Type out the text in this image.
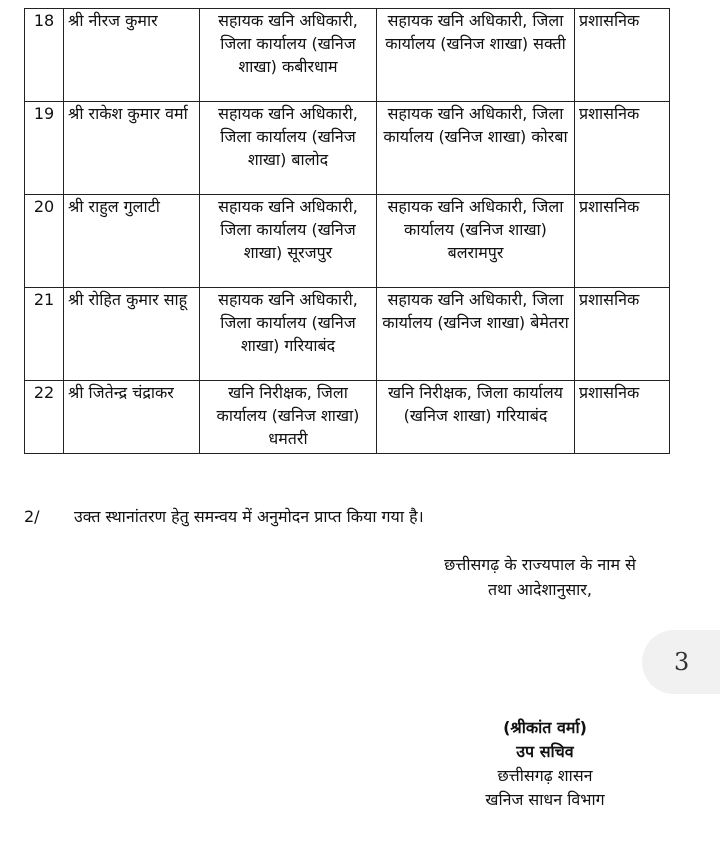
18	श्री नीरज कुमार	सहायक खनि अधिकारी, जिला कार्यालय (खनिज शाखा) कबीरधाम	सहायक खनि अधिकारी, जिला कार्यालय (खनिज शाखा) सक्ती	प्रशासनिक
19	श्री राकेश कुमार वर्मा	सहायक खनि अधिकारी, जिला कार्यालय (खनिज शाखा) बालोद	सहायक खनि अधिकारी, जिला कार्यालय (खनिज शाखा) कोरबा	प्रशासनिक
20	श्री राहुल गुलाटी	सहायक खनि अधिकारी, जिला कार्यालय (खनिज शाखा) सूरजपुर	सहायक खनि अधिकारी, जिला कार्यालय (खनिज शाखा) बलरामपुर	प्रशासनिक
21	श्री रोहित कुमार साहू	सहायक खनि अधिकारी, जिला कार्यालय (खनिज शाखा) गरियाबंद	सहायक खनि अधिकारी, जिला कार्यालय (खनिज शाखा) बेमेतरा	प्रशासनिक
22	श्री जितेन्द्र चंद्राकर	खनि निरीक्षक, जिला कार्यालय (खनिज शाखा) धमतरी	खनि निरीक्षक, जिला कार्यालय (खनिज शाखा) गरियाबंद	प्रशासनिक
2/ उक्त स्थानांतरण हेतु समन्वय में अनुमोदन प्राप्त किया गया है।
छत्तीसगढ़ के राज्यपाल के नाम से
तथा आदेशानुसार,
3
(श्रीकांत वर्मा)
उप सचिव
छत्तीसगढ़ शासन
खनिज साधन विभाग
